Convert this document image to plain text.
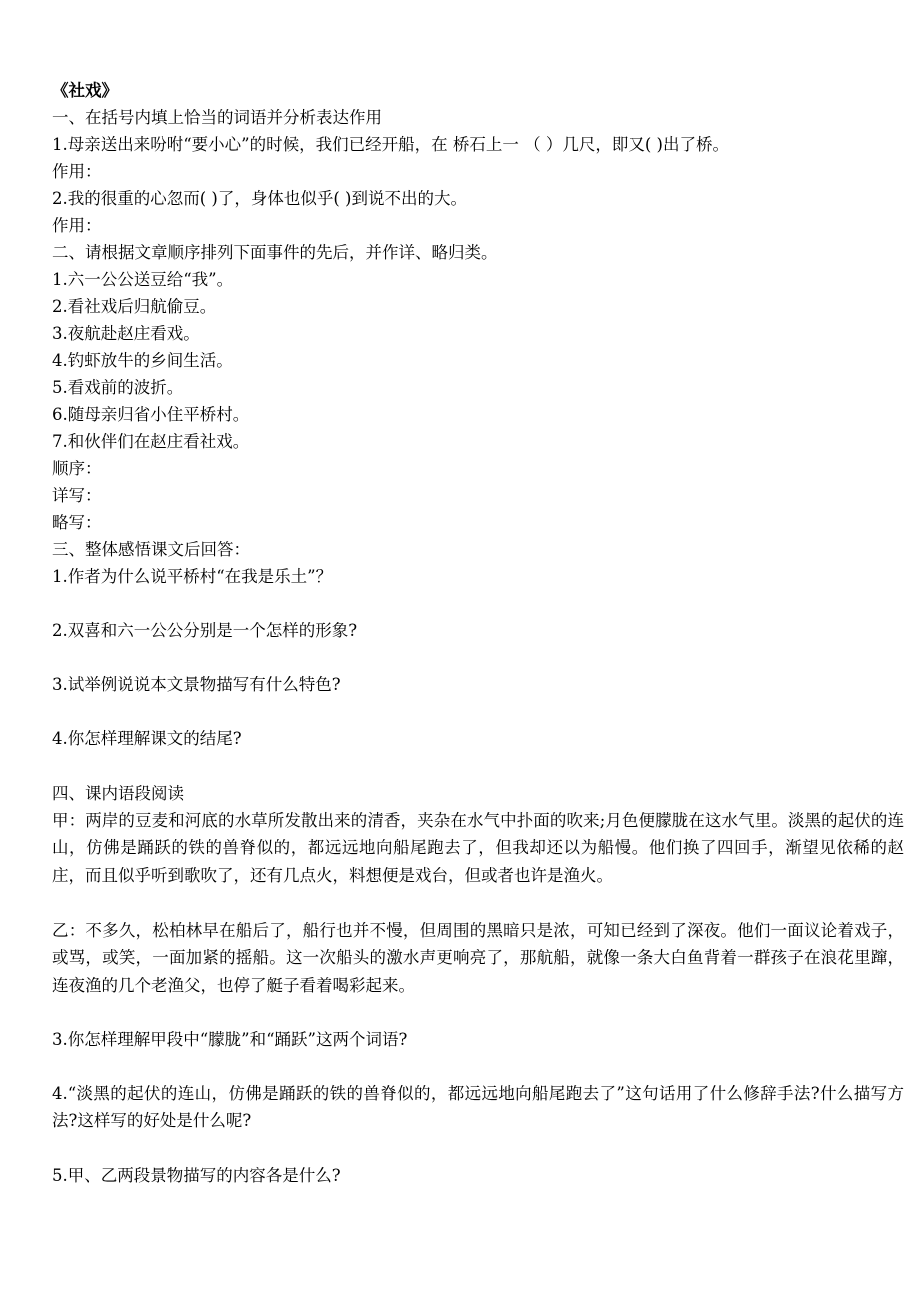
《社戏》
一、在括号内填上恰当的词语并分析表达作用
1.母亲送出来吩咐“要小心”的时候，我们已经开船，在 桥石上一 （ ）几尺，即又( )出了桥。
作用：
2.我的很重的心忽而( )了，身体也似乎( )到说不出的大。
作用：
二、请根据文章顺序排列下面事件的先后，并作详、略归类。
1.六一公公送豆给“我”。
2.看社戏后归航偷豆。
3.夜航赴赵庄看戏。
4.钓虾放牛的乡间生活。
5.看戏前的波折。
6.随母亲归省小住平桥村。
7.和伙伴们在赵庄看社戏。
顺序：
详写：
略写：
三、整体感悟课文后回答：
1.作者为什么说平桥村“在我是乐土”？
2.双喜和六一公公分别是一个怎样的形象?
3.试举例说说本文景物描写有什么特色?
4.你怎样理解课文的结尾?
四、课内语段阅读
甲：两岸的豆麦和河底的水草所发散出来的清香，夹杂在水气中扑面的吹来;月色便朦胧在这水气里。淡黑的起伏的连山，仿佛是踊跃的铁的兽脊似的，都远远地向船尾跑去了，但我却还以为船慢。他们换了四回手，渐望见依稀的赵庄，而且似乎听到歌吹了，还有几点火，料想便是戏台，但或者也许是渔火。
乙：不多久，松柏林早在船后了，船行也并不慢，但周围的黑暗只是浓，可知已经到了深夜。他们一面议论着戏子，或骂，或笑，一面加紧的摇船。这一次船头的激水声更响亮了，那航船，就像一条大白鱼背着一群孩子在浪花里蹿，连夜渔的几个老渔父，也停了艇子看着喝彩起来。
3.你怎样理解甲段中“朦胧”和“踊跃”这两个词语?
4.“淡黑的起伏的连山，仿佛是踊跃的铁的兽脊似的，都远远地向船尾跑去了”这句话用了什么修辞手法?什么描写方法?这样写的好处是什么呢?
5.甲、乙两段景物描写的内容各是什么?
